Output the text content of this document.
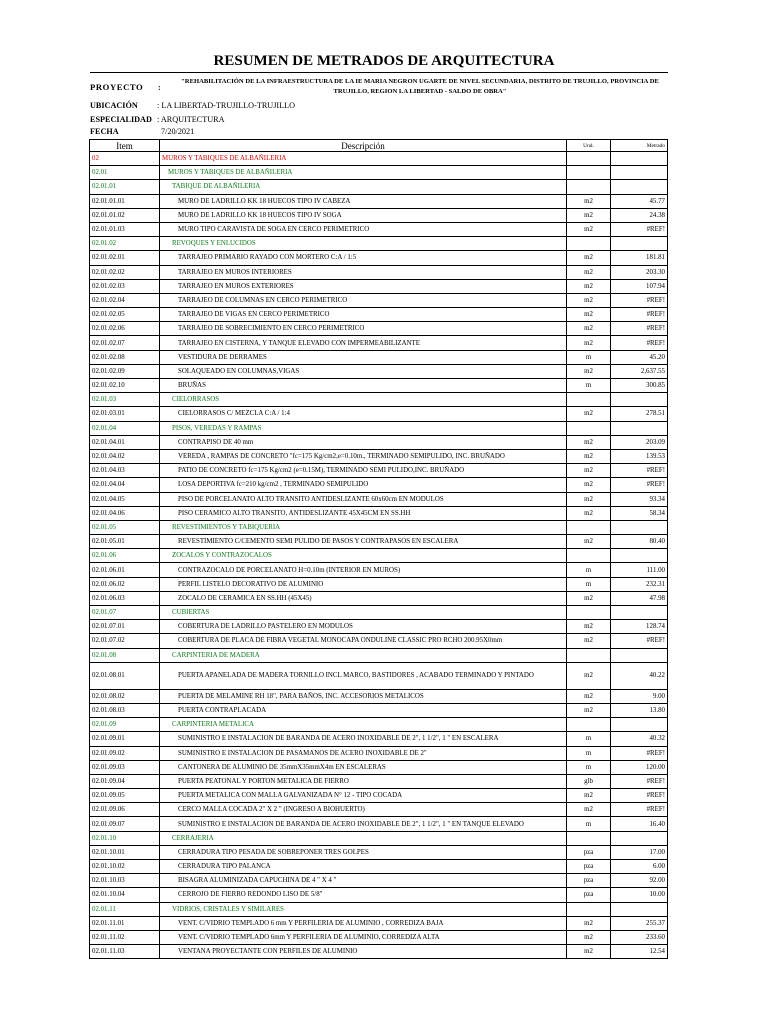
RESUMEN DE METRADOS DE ARQUITECTURA
PROYECTO :
"REHABILITACIÓN DE LA INFRAESTRUCTURA DE LA IE MARIA NEGRON UGARTE DE NIVEL SECUNDARIA, DISTRITO DE TRUJILLO, PROVINCIA DE TRUJILLO, REGION LA LIBERTAD - SALDO DE OBRA"
UBICACIÓN : LA LIBERTAD-TRUJILLO-TRUJILLO
ESPECIALIDAD : ARQUITECTURA
FECHA	7/20/2021
Item	Descripción	Und.	Metrado
02	MUROS Y TABIQUES DE ALBAÑILERIA		
02.01	MUROS Y TABIQUES DE ALBAÑILERIA		
02.01.01	TABIQUE DE ALBAÑILERIA		
02.01.01.01	MURO DE LADRILLO KK 18 HUECOS TIPO IV CABEZA	m2	45.77
02.01.01.02	MURO DE LADRILLO KK 18 HUECOS TIPO IV SOGA	m2	24.38
02.01.01.03	MURO TIPO CARAVISTA DE SOGA EN CERCO PERIMETRICO	m2	#REF!
02.01.02	REVOQUES Y ENLUCIDOS		
02.01.02.01	TARRAJEO PRIMARIO RAYADO CON MORTERO C:A / 1:5	m2	181.81
02.01.02.02	TARRAJEO EN MUROS INTERIORES	m2	203.30
02.01.02.03	TARRAJEO EN MUROS EXTERIORES	m2	107.94
02.01.02.04	TARRAJEO DE COLUMNAS EN CERCO PERIMETRICO	m2	#REF!
02.01.02.05	TARRAJEO DE VIGAS EN CERCO PERIMETRICO	m2	#REF!
02.01.02.06	TARRAJEO DE SOBRECIMIENTO EN CERCO PERIMETRICO	m2	#REF!
02.01.02.07	TARRAJEO EN CISTERNA, Y TANQUE ELEVADO CON IMPERMEABILIZANTE	m2	#REF!
02.01.02.08	VESTIDURA DE DERRAMES	m	45.20
02.01.02.09	SOLAQUEADO EN COLUMNAS,VIGAS	m2	2,637.55
02.01.02.10	BRUÑAS	m	300.85
02.01.03	CIELORRASOS		
02.01.03.01	CIELORRASOS C/ MEZCLA C:A / 1:4	m2	278.51
02.01.04	PISOS, VEREDAS Y RAMPAS		
02.01.04.01	CONTRAPISO DE 40 mm	m2	203.09
02.01.04.02	VEREDA , RAMPAS DE CONCRETO "fc=175 Kg/cm2,e=0.10m., TERMINADO SEMIPULIDO, INC. BRUÑADO	m2	139.53
02.01.04.03	PATIO DE CONCRETO fc=175 Kg/cm2 (e=0.15M), TERMINADO SEMI PULIDO,INC. BRUÑADO	m2	#REF!
02.01.04.04	LOSA DEPORTIVA fc=210 kg/cm2 , TERMINADO SEMIPULIDO	m2	#REF!
02.01.04.05	PISO DE PORCELANATO ALTO TRANSITO ANTIDESLIZANTE 60x60cm EN MODULOS	m2	93.34
02.01.04.06	PISO CERAMICO ALTO TRANSITO, ANTIDESLIZANTE 45X45CM EN SS.HH	m2	58.34
02.01.05	REVESTIMIENTOS Y TABIQUERIA		
02.01.05.01	REVESTIMIENTO C/CEMENTO SEMI PULIDO DE PASOS Y CONTRAPASOS EN ESCALERA	m2	80.40
02.01.06	ZOCALOS Y CONTRAZOCALOS		
02.01.06.01	CONTRAZOCALO DE PORCELANATO H=0.10m (INTERIOR EN MUROS)	m	111.00
02.01.06.02	PERFIL LISTELO DECORATIVO DE ALUMINIO	m	232.31
02.01.06.03	ZOCALO DE CERAMICA EN SS.HH (45X45)	m2	47.98
02.01.07	CUBIERTAS		
02.01.07.01	COBERTURA DE LADRILLO PASTELERO EN MODULOS	m2	128.74
02.01.07.02	COBERTURA DE PLACA DE FIBRA VEGETAL MONOCAPA ONDULINE CLASSIC PRO RCHO 200.95X0mm	m2	#REF!
02.01.08	CARPINTERIA DE MADERA		
02.01.08.01	PUERTA APANELADA DE MADERA TORNILLO INCL MARCO, BASTIDORES , ACABADO TERMINADO Y PINTADO	m2	40.22
02.01.08.02	PUERTA DE MELAMINE RH 18", PARA BAÑOS, INC. ACCESORIOS METALICOS	m2	9.00
02.01.08.03	PUERTA CONTRAPLACADA	m2	13.80
02.01.09	CARPINTERIA METALICA		
02.01.09.01	SUMINISTRO E INSTALACION DE BARANDA DE ACERO INOXIDABLE DE 2", 1 1/2", 1 " EN ESCALERA	m	40.32
02.01.09.02	SUMINISTRO E INSTALACION DE PASAMANOS DE ACERO INOXIDABLE DE 2"	m	#REF!
02.01.09.03	CANTONERA DE ALUMINIO DE 35mmX35mmX4m EN ESCALERAS	m	120.00
02.01.09.04	PUERTA PEATONAL Y PORTON METALICA DE FIERRO	glb	#REF!
02.01.09.05	PUERTA METALICA CON MALLA GALVANIZADA N° 12 - TIPO COCADA	m2	#REF!
02.01.09.06	CERCO MALLA COCADA 2" X 2 " (INGRESO A BIOHUERTO)	m2	#REF!
02.01.09.07	SUMINISTRO E INSTALACION DE BARANDA DE ACERO INOXIDABLE DE 2", 1 1/2", 1 " EN TANQUE ELEVADO	m	16.40
02.01.10	CERRAJERIA		
02.01.10.01	CERRADURA TIPO PESADA DE SOBREPONER TRES GOLPES	pza	17.00
02.01.10.02	CERRADURA TIPO PALANCA	pza	6.00
02.01.10.03	BISAGRA ALUMINIZADA CAPUCHINA DE 4 " X 4 "	pza	92.00
02.01.10.04	CERROJO DE FIERRO REDONDO LISO DE 5/8"	pza	10.00
02.01.11	VIDRIOS, CRISTALES Y SIMILARES		
02.01.11.01	VENT. C/VIDRIO TEMPLADO 6 mm Y PERFILERIA DE ALUMINIO , CORREDIZA BAJA	m2	255.37
02.01.11.02	VENT. C/VIDRIO TEMPLADO 6mm Y PERFILERIA DE ALUMINIO, CORREDIZA ALTA	m2	233.60
02.01.11.03	VENTANA PROYECTANTE CON PERFILES DE ALUMINIO	m2	12.54
